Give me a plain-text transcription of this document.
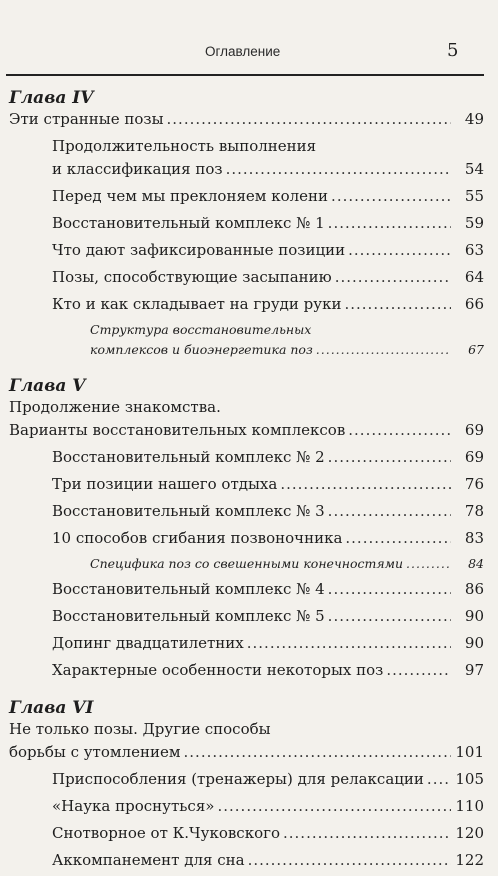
Оглавление	5
Глава IV
Эти странные позы .....	49
Продолжительность выполнения
и классификация поз .....	54
Перед чем мы преклоняем колени .....	55
Восстановительный комплекс № 1 .....	59
Что дают зафиксированные позиции .....	63
Позы, способствующие засыпанию .....	64
Кто и как складывает на груди руки .....	66
Структура восстановительных
комплексов и биоэнергетика поз .....	67
Глава V
Продолжение знакомства.
Варианты восстановительных комплексов .....	69
Восстановительный комплекс № 2 .....	69
Три позиции нашего отдыха .....	76
Восстановительный комплекс № 3 .....	78
10 способов сгибания позвоночника .....	83
Специфика поз со свешенными конечностями .....	84
Восстановительный комплекс № 4 .....	86
Восстановительный комплекс № 5 .....	90
Допинг двадцатилетних .....	90
Характерные особенности некоторых поз .....	97
Глава VI
Не только позы. Другие способы
борьбы с утомлением .....	101
Приспособления (тренажеры) для релаксации ..... 105
«Наука проснуться» .....	110
Снотворное от К.Чуковского .....	120
Аккомпанемент для сна .....	122
